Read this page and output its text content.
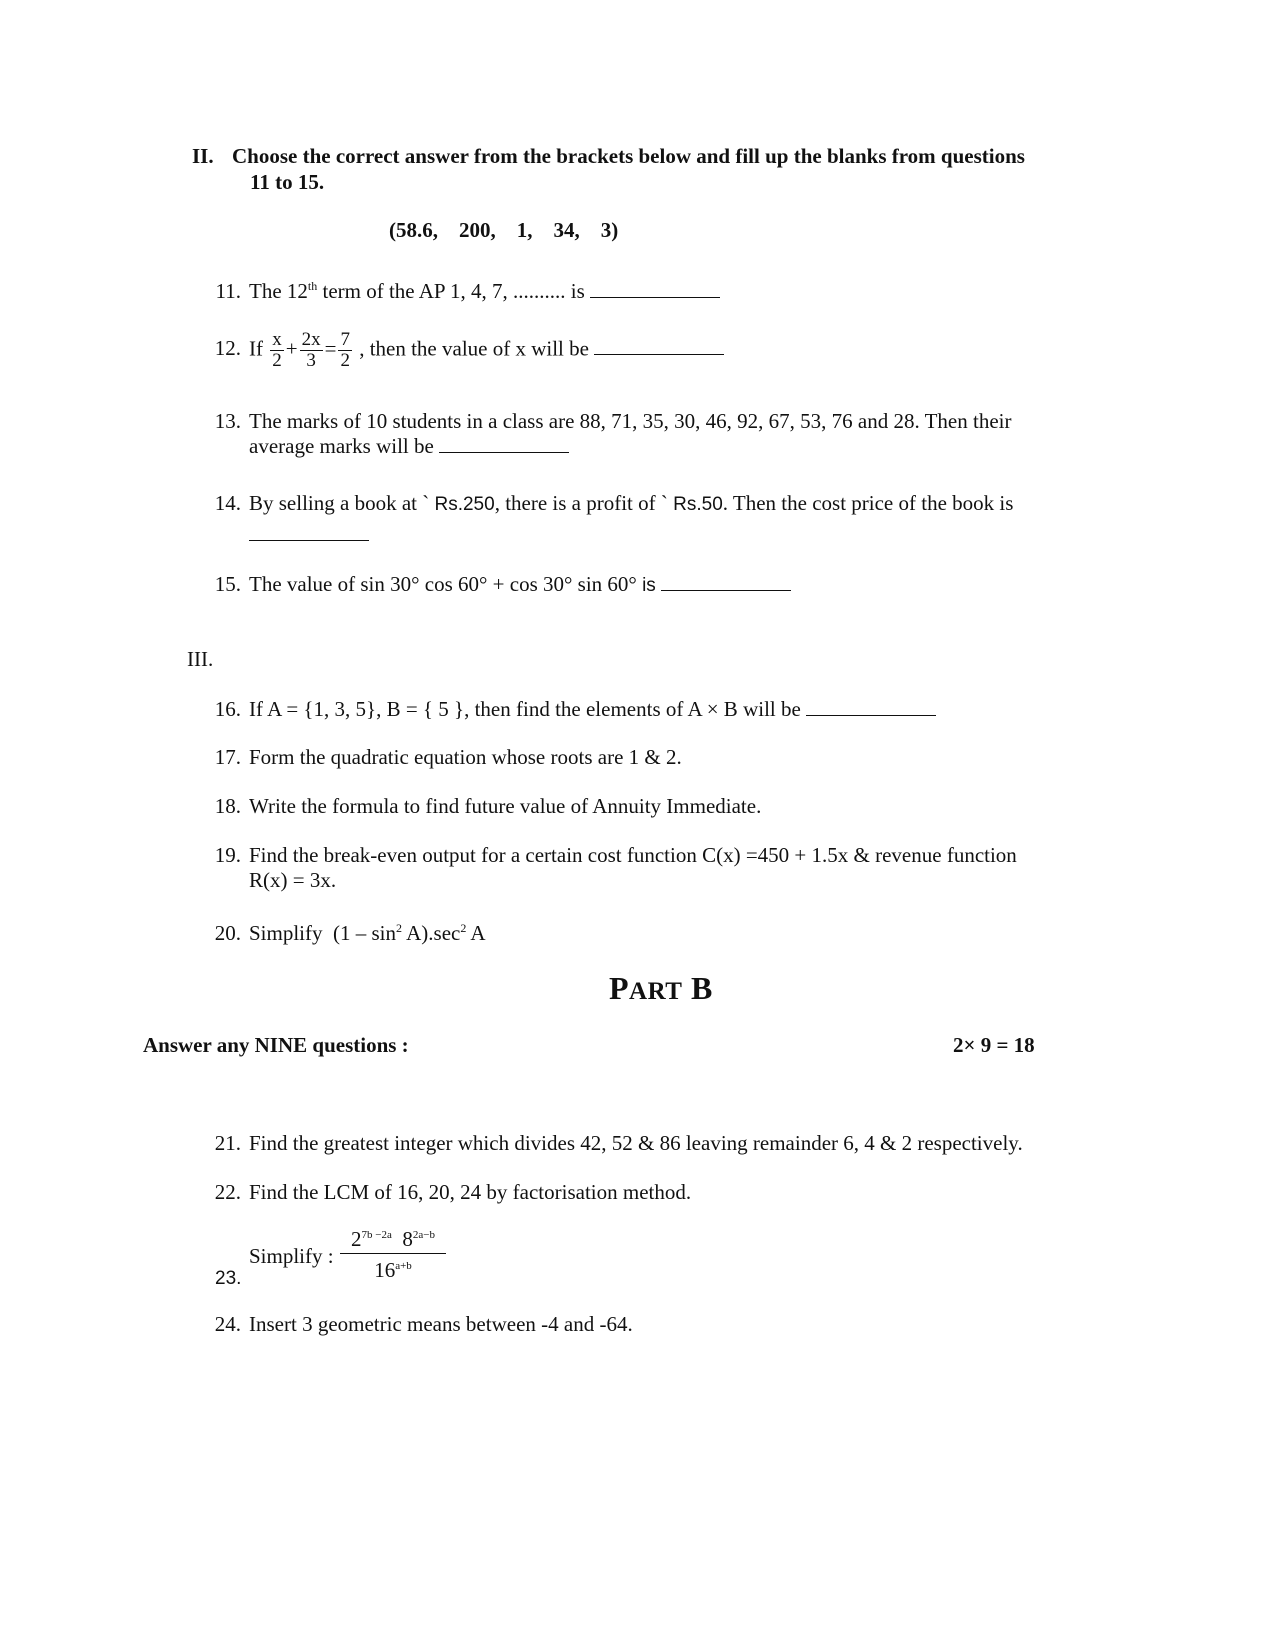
II. Choose the correct answer from the brackets below and fill up the blanks from questions
11 to 15.
(58.6,    200,    1,    34,    3)
11. The 12th term of the AP 1, 4, 7, .......... is
12. If $\frac{x}{2} + \frac{2x}{3} = \frac{7}{2}$ , then the value of x will be
13. The marks of 10 students in a class are 88, 71, 35, 30, 46, 92, 67, 53, 76 and 28. Then their
average marks will be
14. By selling a book at ` Rs.250, there is a profit of ` Rs.50. Then the cost price of the book is
15. The value of sin 30° cos 60° + cos 30° sin 60° is
III.
16. If A = {1, 3, 5}, B = { 5 }, then find the elements of A × B will be
17. Form the quadratic equation whose roots are 1 & 2.
18. Write the formula to find future value of Annuity Immediate.
19. Find the break-even output for a certain cost function C(x) =450 + 1.5x & revenue function
R(x) = 3x.
20. Simplify $(1 - \sin^2 A).\sec^2$ A
PART B
Answer any NINE questions :	2× 9 = 18
21. Find the greatest integer which divides 42, 52 & 86 leaving remainder 6, 4 & 2 respectively.
22. Find the LCM of 16, 20, 24 by factorisation method.
Simplify : $\frac{2^{7b -2a} 8^{2a-b}}{16^{a+b}}$
23.
24. Insert 3 geometric means between -4 and -64.
